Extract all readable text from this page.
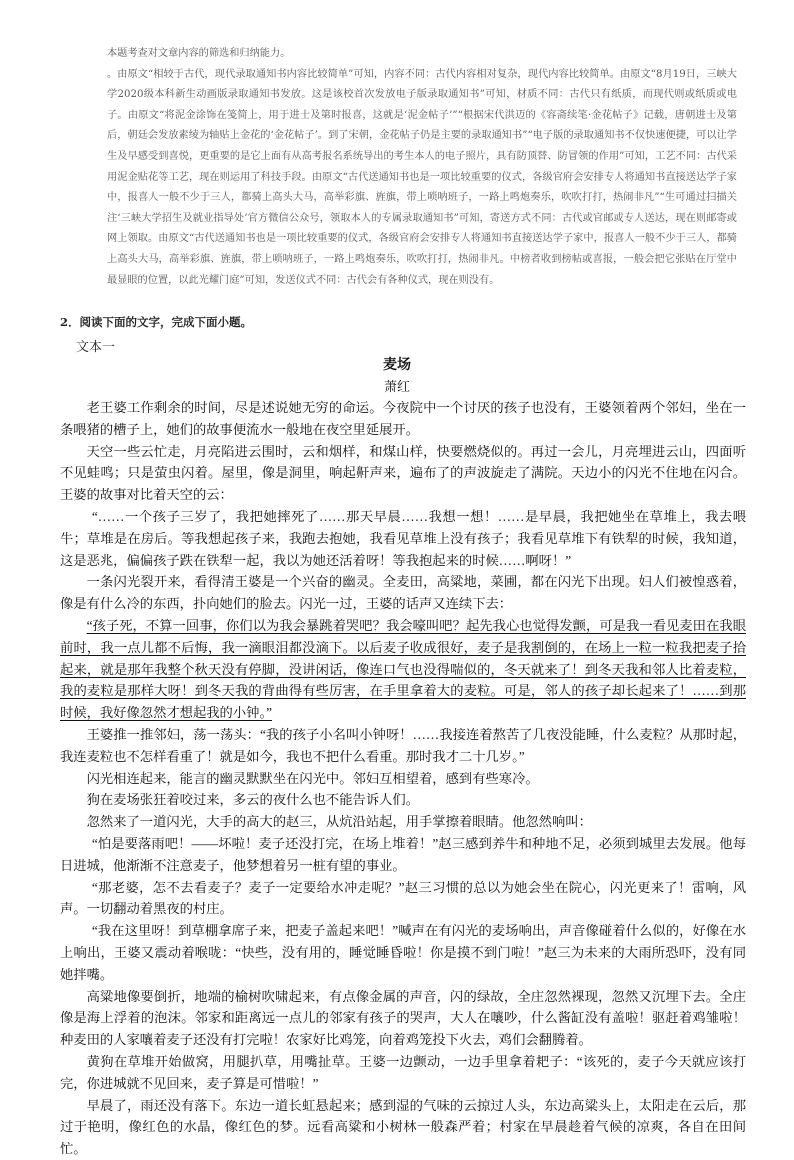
本题考查对文章内容的筛选和归纳能力。

。由原文“相较于古代，现代录取通知书内容比较简单”可知，内容不同：古代内容相对复杂，现代内容比较简单。由原文“8月19日，三峡大学2020级本科新生动画版录取通知书发放。这是该校首次发放电子版录取通知书”可知，材质不同：古代只有纸质，而现代则或纸质或电子。由原文“将泥金涂饰在笺简上，用于进士及第时报喜，这就是‘泥金帖子’”“根据宋代洪迈的《容斋续笔·金花帖子》记载，唐朝进士及第后，朝廷会发放素绫为轴贴上金花的‘金花帖子’。到了宋朝，金花帖子仍是主要的录取通知书”“电子版的录取通知书不仅快速便捷，可以让学生及早感受到喜悦，更重要的是它上面有从高考报名系统导出的考生本人的电子照片，具有防顶替、防冒领的作用”可知，工艺不同：古代采用泥金贴花等工艺，现在则运用了科技手段。由原文“古代送通知书也是一项比较重要的仪式，各级官府会安排专人将通知书直接送达学子家中，报喜人一般不少于三人，都骑上高头大马，高举彩旗、旌旗，带上唢呐班子，一路上鸣炮奏乐，吹吹打打，热闹非凡”“生可通过扫描关注‘三峡大学招生及就业指导处’官方微信公众号，领取本人的专属录取通知书”可知，寄送方式不同：古代或官邮或专人送达，现在则邮寄或网上领取。由原文“古代送通知书也是一项比较重要的仪式，各级官府会安排专人将通知书直接送达学子家中，报喜人一般不少于三人，都骑上高头大马，高举彩旗、旌旗，带上唢呐班子，一路上鸣炮奏乐，吹吹打打，热闹非凡。中榜者收到榜帖或喜报，一般会把它张贴在厅堂中最显眼的位置，以此光耀门庭”可知，发送仪式不同：古代会有各种仪式，现在则没有。

2．阅读下面的文字，完成下面小题。
文本一
麦场
萧红

老王婆工作剩余的时间，尽是述说她无穷的命运。今夜院中一个讨厌的孩子也没有，王婆领着两个邻妇，坐在一条喂猪的槽子上，她们的故事便流水一般地在夜空里延展开。

天空一些云忙走，月亮陷进云围时，云和烟样，和煤山样，快要燃烧似的。再过一会儿，月亮埋进云山，四面听不见蛙鸣；只是萤虫闪着。屋里，像是洞里，响起鼾声来，遍布了的声波旋走了满院。天边小的闪光不住地在闪合。王婆的故事对比着天空的云：

“……一个孩子三岁了，我把她摔死了……那天早晨……我想一想！……是早晨，我把她坐在草堆上，我去喂牛；草堆是在房后。等我想起孩子来，我跑去抱她，我看见草堆上没有孩子；我看见草堆下有铁犁的时候，我知道，这是恶兆，偏偏孩子跌在铁犁一起，我以为她还活着呀！等我抱起来的时候……啊呀！”

一条闪光裂开来，看得清王婆是一个兴奋的幽灵。全麦田，高粱地，菜圃，都在闪光下出现。妇人们被惶惑着，像是有什么冷的东西，扑向她们的脸去。闪光一过，王婆的话声又连续下去：

“孩子死，不算一回事，你们以为我会暴跳着哭吧？我会嚎叫吧？起先我心也觉得发颤，可是我一看见麦田在我眼前时，我一点儿都不后悔，我一滴眼泪都没滴下。以后麦子收成很好，麦子是我割倒的，在场上一粒一粒我把麦子拾起来，就是那年我整个秋天没有停脚，没讲闲话，像连口气也没得喘似的，冬天就来了！到冬天我和邻人比着麦粒，我的麦粒是那样大呀！到冬天我的背曲得有些厉害，在手里拿着大的麦粒。可是，邻人的孩子却长起来了！……到那时候，我好像忽然才想起我的小钟。”

王婆推一推邻妇，荡一荡头：“我的孩子小名叫小钟呀！……我接连着熬苦了几夜没能睡，什么麦粒？从那时起，我连麦粒也不怎样看重了！就是如今，我也不把什么看重。那时我才二十几岁。”

闪光相连起来，能言的幽灵默默坐在闪光中。邻妇互相望着，感到有些寒冷。

狗在麦场张狂着咬过来，多云的夜什么也不能告诉人们。

忽然来了一道闪光，大手的高大的赵三，从炕沿站起，用手掌擦着眼睛。他忽然响叫：

“怕是要落雨吧！——坏啦！麦子还没打完，在场上堆着！”赵三感到养牛和种地不足，必须到城里去发展。他每日进城，他渐渐不注意麦子，他梦想着另一桩有望的事业。

“那老婆，怎不去看麦子？麦子一定要给水冲走呢？”赵三习惯的总以为她会坐在院心，闪光更来了！雷响，风声。一切翻动着黑夜的村庄。

“我在这里呀！到草棚拿席子来，把麦子盖起来吧！”喊声在有闪光的麦场响出，声音像碰着什么似的，好像在水上响出，王婆又震动着喉咙：“快些，没有用的，睡觉睡昏啦！你是摸不到门啦！”赵三为未来的大雨所恐吓，没有同她拌嘴。

高粱地像要倒折，地端的榆树吹啸起来，有点像金属的声音，闪的绿故，全庄忽然裸现，忽然又沉埋下去。全庄像是海上浮着的泡沫。邻家和距离远一点儿的邻家有孩子的哭声，大人在嚷吵，什么酱缸没有盖啦！驱赶着鸡雏啦！种麦田的人家嚷着麦子还没有打完啦！农家好比鸡笼，向着鸡笼投下火去，鸡们会翻腾着。

黄狗在草堆开始做窝，用腿扒草，用嘴扯草。王婆一边颤动，一边手里拿着耙子：“该死的，麦子今天就应该打完，你进城就不见回来，麦子算是可惜啦！”

早晨了，雨还没有落下。东边一道长虹悬起来；感到湿的气味的云掠过人头，东边高粱头上，太阳走在云后，那过于艳明，像红色的水晶，像红色的梦。远看高粱和小树林一般森严着；村家在早晨趁着气候的凉爽，各自在田间忙。
